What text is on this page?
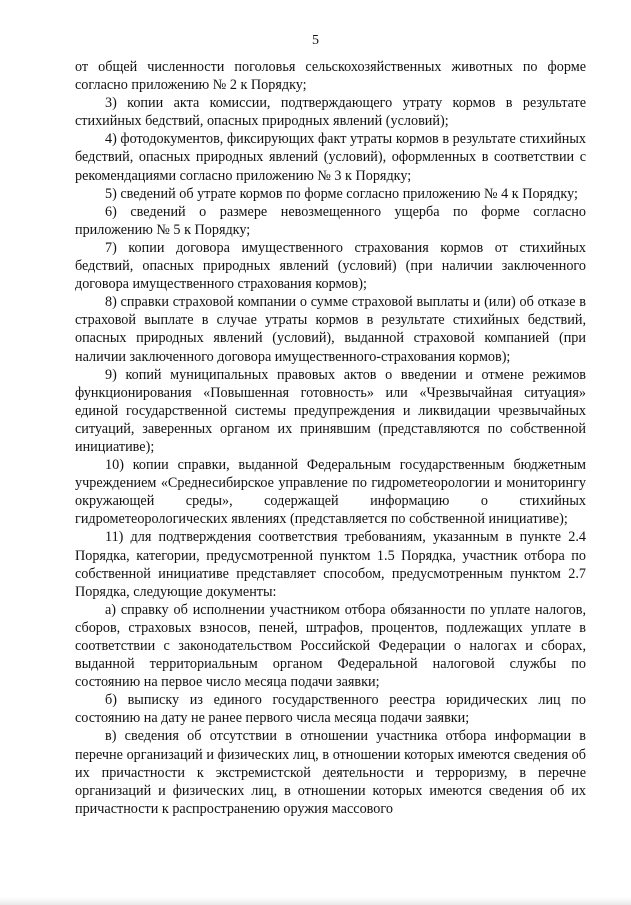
5

от общей численности поголовья сельскохозяйственных животных по форме согласно приложению № 2 к Порядку;

3) копии акта комиссии, подтверждающего утрату кормов в результате стихийных бедствий, опасных природных явлений (условий);

4) фотодокументов, фиксирующих факт утраты кормов в результате стихийных бедствий, опасных природных явлений (условий), оформленных в соответствии с рекомендациями согласно приложению № 3 к Порядку;

5) сведений об утрате кормов по форме согласно приложению № 4 к Порядку;

6) сведений о размере невозмещенного ущерба по форме согласно приложению № 5 к Порядку;

7) копии договора имущественного страхования кормов от стихийных бедствий, опасных природных явлений (условий) (при наличии заключенного договора имущественного страхования кормов);

8) справки страховой компании о сумме страховой выплаты и (или) об отказе в страховой выплате в случае утраты кормов в результате стихийных бедствий, опасных природных явлений (условий), выданной страховой компанией (при наличии заключенного договора имущественного-страхования кормов);

9) копий муниципальных правовых актов о введении и отмене режимов функционирования «Повышенная готовность» или «Чрезвычайная ситуация» единой государственной системы предупреждения и ликвидации чрезвычайных ситуаций, заверенных органом их принявшим (представляются по собственной инициативе);

10) копии справки, выданной Федеральным государственным бюджетным учреждением «Среднесибирское управление по гидрометеорологии и мониторингу окружающей среды», содержащей информацию о стихийных гидрометеорологических явлениях (представляется по собственной инициативе);

11) для подтверждения соответствия требованиям, указанным в пункте 2.4 Порядка, категории, предусмотренной пунктом 1.5 Порядка, участник отбора по собственной инициативе представляет способом, предусмотренным пунктом 2.7 Порядка, следующие документы:

а) справку об исполнении участником отбора обязанности по уплате налогов, сборов, страховых взносов, пеней, штрафов, процентов, подлежащих уплате в соответствии с законодательством Российской Федерации о налогах и сборах, выданной территориальным органом Федеральной налоговой службы по состоянию на первое число месяца подачи заявки;

б) выписку из единого государственного реестра юридических лиц по состоянию на дату не ранее первого числа месяца подачи заявки;

в) сведения об отсутствии в отношении участника отбора информации в перечне организаций и физических лиц, в отношении которых имеются сведения об их причастности к экстремистской деятельности и терроризму, в перечне организаций и физических лиц, в отношении которых имеются сведения об их причастности к распространению оружия массового
